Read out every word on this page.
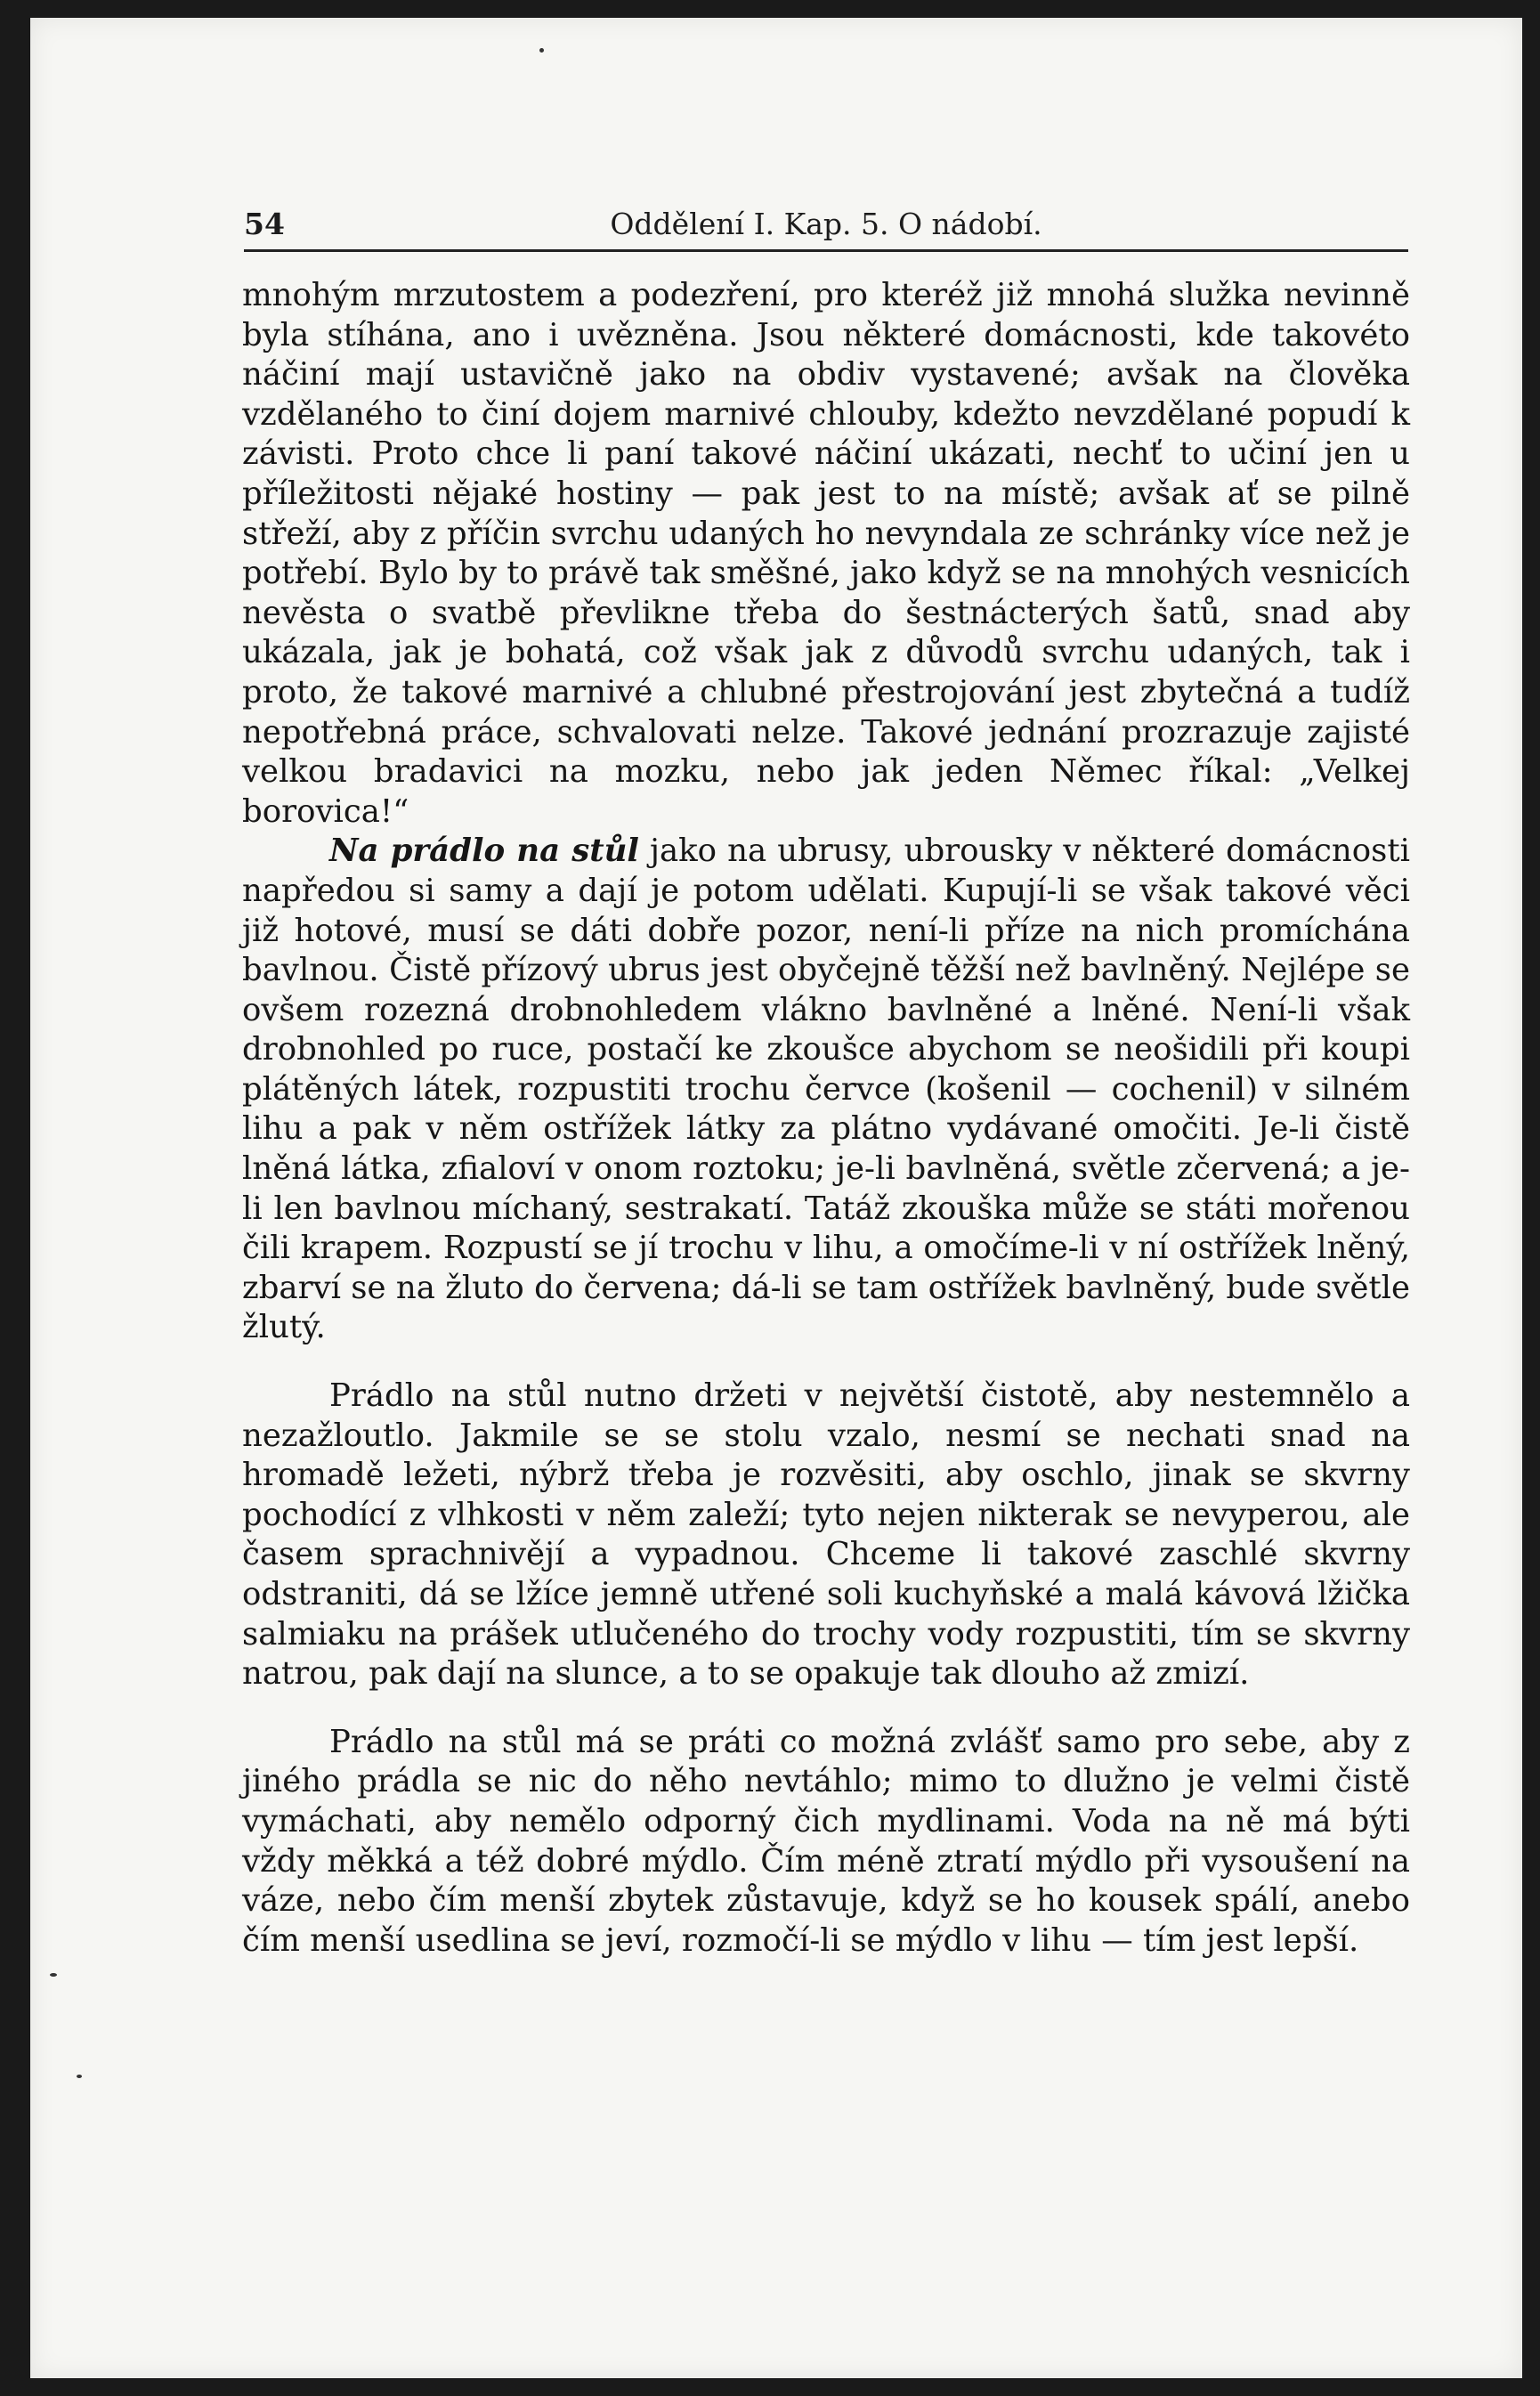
54	Oddělení I. Kap. 5. O nádobí.

mnohým mrzutostem a podezření, pro kteréž již mnohá služka nevinně byla stíhána, ano i uvězněna. Jsou některé domácnosti, kde takovéto náčiní mají ustavičně jako na obdiv vystavené; avšak na člověka vzdělaného to činí dojem marnivé chlouby, kdežto nevzdělané popudí k závisti. Proto chce li paní takové náčiní ukázati, nechť to učiní jen u příležitosti nějaké hostiny — pak jest to na místě; avšak ať se pilně střeží, aby z příčin svrchu udaných ho nevyndala ze schránky více než je potřebí. Bylo by to právě tak směšné, jako když se na mnohých vesnicích nevěsta o svatbě převlikne třeba do šestnácterých šatů, snad aby ukázala, jak je bohatá, což však jak z důvodů svrchu udaných, tak i proto, že takové marnivé a chlubné přestrojování jest zbytečná a tudíž nepotřebná práce, schvalovati nelze. Takové jednání prozrazuje zajisté velkou bradavici na mozku, nebo jak jeden Němec říkal: „Velkej borovica!“

Na prádlo na stůl jako na ubrusy, ubrousky v některé domácnosti napředou si samy a dají je potom udělati. Kupují-li se však takové věci již hotové, musí se dáti dobře pozor, není-li příze na nich promíchána bavlnou. Čistě přízový ubrus jest obyčejně těžší než bavlněný. Nejlépe se ovšem rozezná drobnohledem vlákno bavlněné a lněné. Není-li však drobnohled po ruce, postačí ke zkoušce abychom se neošidili při koupi plátěných látek, rozpustiti trochu červce (košenil — cochenil) v silném lihu a pak v něm ostřížek látky za plátno vydávané omočiti. Je-li čistě lněná látka, zfialoví v onom roztoku; je-li bavlněná, světle zčervená; a je-li len bavlnou míchaný, sestrakatí. Tatáž zkouška může se státi mořenou čili krapem. Rozpustí se jí trochu v lihu, a omočíme-li v ní ostřížek lněný, zbarví se na žluto do červena; dá-li se tam ostřížek bavlněný, bude světle žlutý.

Prádlo na stůl nutno držeti v největší čistotě, aby nestemnělo a nezažloutlo. Jakmile se se stolu vzalo, nesmí se nechati snad na hromadě ležeti, nýbrž třeba je rozvěsiti, aby oschlo, jinak se skvrny pochodící z vlhkosti v něm zaleží; tyto nejen nikterak se nevyperou, ale časem sprachnivějí a vypadnou. Chceme li takové zaschlé skvrny odstraniti, dá se lžíce jemně utřené soli kuchyňské a malá kávová lžička salmiaku na prášek utlučeného do trochy vody rozpustiti, tím se skvrny natrou, pak dají na slunce, a to se opakuje tak dlouho až zmizí.

Prádlo na stůl má se práti co možná zvlášť samo pro sebe, aby z jiného prádla se nic do něho nevtáhlo; mimo to dlužno je velmi čistě vymáchati, aby nemělo odporný čich mydlinami. Voda na ně má býti vždy měkká a též dobré mýdlo. Čím méně ztratí mýdlo při vysoušení na váze, nebo čím menší zbytek zůstavuje, když se ho kousek spálí, anebo čím menší usedlina se jeví, rozmočí-li se mýdlo v lihu — tím jest lepší.
